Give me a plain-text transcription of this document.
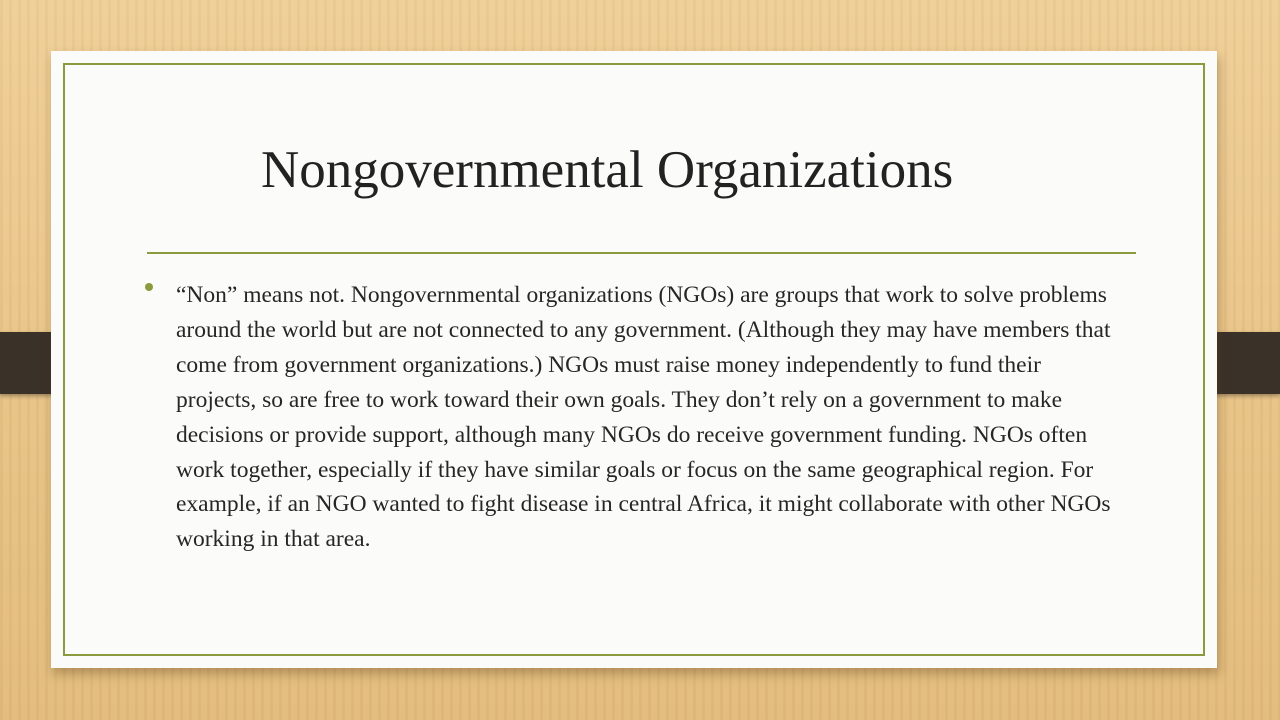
Nongovernmental Organizations

“Non” means not. Nongovernmental organizations (NGOs) are groups that work to solve problems around the world but are not connected to any government. (Although they may have members that come from government organizations.) NGOs must raise money independently to fund their projects, so are free to work toward their own goals. They don’t rely on a government to make decisions or provide support, although many NGOs do receive government funding. NGOs often work together, especially if they have similar goals or focus on the same geographical region. For example, if an NGO wanted to fight disease in central Africa, it might collaborate with other NGOs working in that area.
